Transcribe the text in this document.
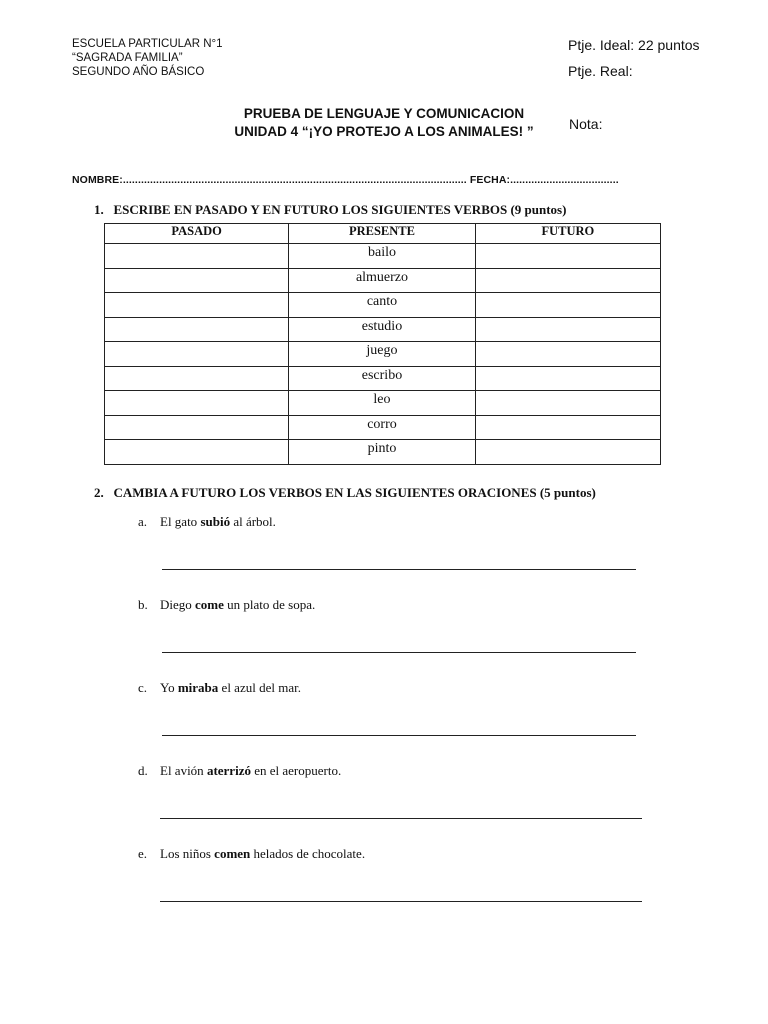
ESCUELA PARTICULAR N°1
“SAGRADA FAMILIA”
SEGUNDO AÑO BÁSICO
Ptje. Ideal: 22 puntos
Ptje. Real:
PRUEBA DE LENGUAJE Y COMUNICACION
UNIDAD 4 “¡YO PROTEJO A LOS ANIMALES! ”	Nota:
NOMBRE:.................................................................................................................. FECHA:....................................
1. ESCRIBE EN PASADO Y EN FUTURO LOS SIGUIENTES VERBOS (9 puntos)
PASADO	PRESENTE	FUTURO
	bailo	
	almuerzo	
	canto	
	estudio	
	juego	
	escribo	
	leo	
	corro	
	pinto	
2. CAMBIA A FUTURO LOS VERBOS EN LAS SIGUIENTES ORACIONES (5 puntos)
a. El gato subió al árbol.
b. Diego come un plato de sopa.
c. Yo miraba el azul del mar.
d. El avión aterrizó en el aeropuerto.
e. Los niños comen helados de chocolate.
